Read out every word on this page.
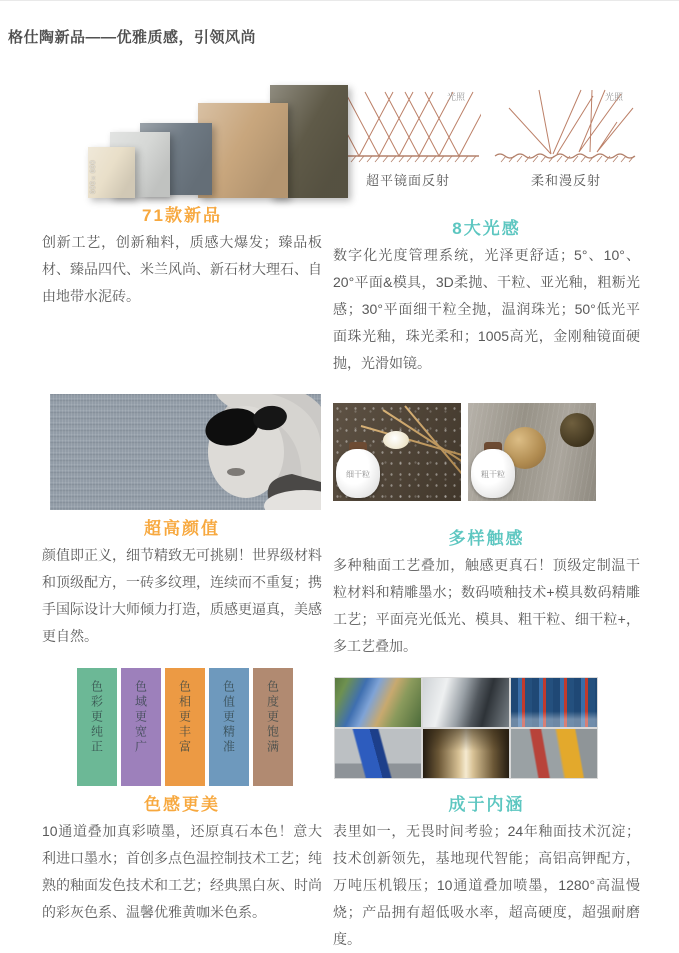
格仕陶新品——优雅质感，引领风尚
600×600
71款新品

创新工艺，创新釉料，质感大爆发；臻品板材、臻品四代、米兰风尚、新石材大理石、自由地带水泥砖。

光照
超平镜面反射
光照
柔和漫反射
8大光感

数字化光度管理系统，光泽更舒适；5°、10°、20°平面&模具，3D柔抛、干粒、亚光釉，粗粝光感；30°平面细干粒全抛，温润珠光；50°低光平面珠光釉，珠光柔和；1005高光，金刚釉镜面硬抛，光滑如镜。

超高颜值

颜值即正义，细节精致无可挑剔！世界级材料和顶级配方，一砖多纹理，连续而不重复；携手国际设计大师倾力打造，质感更逼真，美感更自然。

细干粒	粗干粒
多样触感

多种釉面工艺叠加，触感更真石！顶级定制温干粒材料和精雕墨水；数码喷釉技术+模具数码精雕工艺；平面亮光低光、模具、粗干粒、细干粒+，多工艺叠加。

色彩更纯正	色域更宽广	色相更丰富	色值更精准	色度更饱满
色感更美

10通道叠加真彩喷墨，还原真石本色！意大利进口墨水；首创多点色温控制技术工艺；纯熟的釉面发色技术和工艺；经典黑白灰、时尚的彩灰色系、温馨优雅黄咖米色系。

成于内涵

表里如一，无畏时间考验；24年釉面技术沉淀；技术创新领先，基地现代智能；高铝高钾配方，万吨压机锻压；10通道叠加喷墨，1280°高温慢烧；产品拥有超低吸水率，超高硬度，超强耐磨度。
